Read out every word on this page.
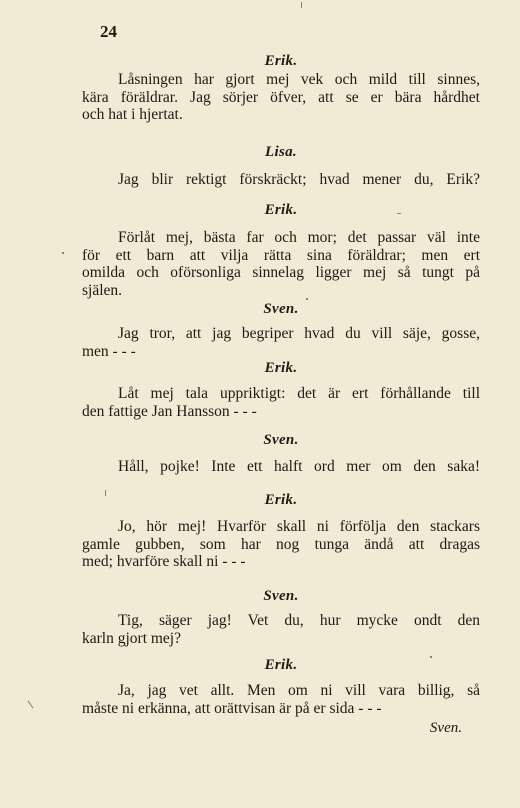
24
Erik.
Låsningen har gjort mej vek och mild till sinnes,
kära föräldrar. Jag sörjer öfver, att se er bära hårdhet
och hat i hjertat.
Lisa.
Jag blir rektigt förskräckt; hvad mener du, Erik?
Erik.
Förlåt mej, bästa far och mor; det passar väl inte
för ett barn att vilja rätta sina föräldrar; men ert
omilda och oförsonliga sinnelag ligger mej så tungt på
själen.
Sven.
Jag tror, att jag begriper hvad du vill säje, gosse,
men - - -
Erik.
Låt mej tala uppriktigt: det är ert förhållande till
den fattige Jan Hansson - - -
Sven.
Håll, pojke! Inte ett halft ord mer om den saka!
Erik.
Jo, hör mej! Hvarför skall ni förfölja den stackars
gamle gubben, som har nog tunga ändå att dragas
med; hvarföre skall ni - - -
Sven.
Tig, säger jag! Vet du, hur mycke ondt den
karln gjort mej?
Erik.
Ja, jag vet allt. Men om ni vill vara billig, så
måste ni erkänna, att orättvisan är på er sida - - -
Sven.
